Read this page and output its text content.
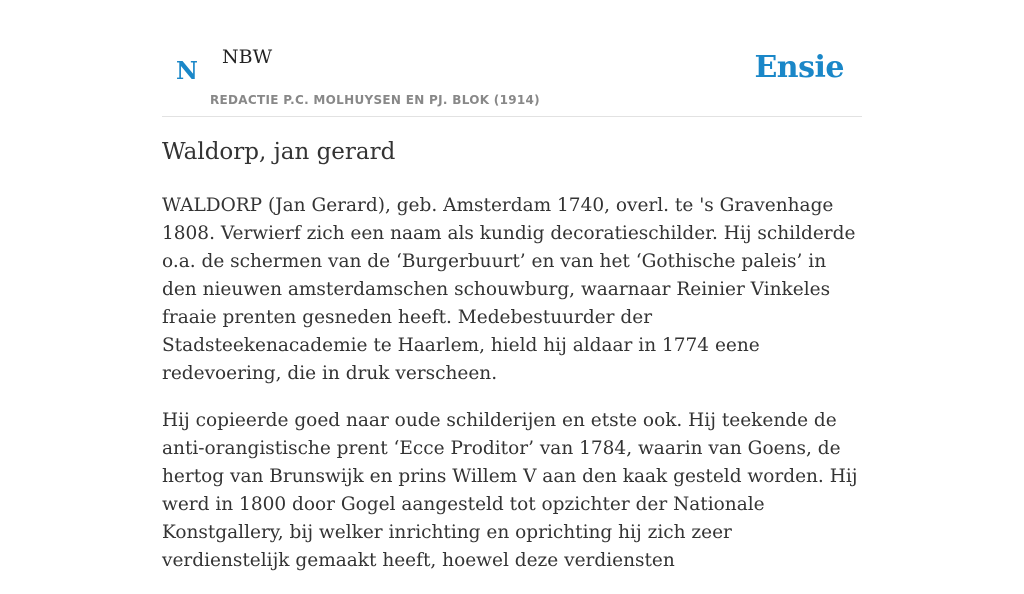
N NBW
REDACTIE P.C. MOLHUYSEN EN PJ. BLOK (1914)
Ensie
Waldorp, jan gerard

WALDORP (Jan Gerard), geb. Amsterdam 1740, overl. te 's Gravenhage 1808. Verwierf zich een naam als kundig decoratieschilder. Hij schilderde o.a. de schermen van de ‘Burgerbuurt’ en van het ‘Gothische paleis’ in den nieuwen amsterdamschen schouwburg, waarnaar Reinier Vinkeles fraaie prenten gesneden heeft. Medebestuurder der Stadsteekenacademie te Haarlem, hield hij aldaar in 1774 eene redevoering, die in druk verscheen.

Hij copieerde goed naar oude schilderijen en etste ook. Hij teekende de anti-orangistische prent ‘Ecce Proditor’ van 1784, waarin van Goens, de hertog van Brunswijk en prins Willem V aan den kaak gesteld worden. Hij werd in 1800 door Gogel aangesteld tot opzichter der Nationale Konstgallery, bij welker inrichting en oprichting hij zich zeer verdienstelijk gemaakt heeft, hoewel deze verdiensten
